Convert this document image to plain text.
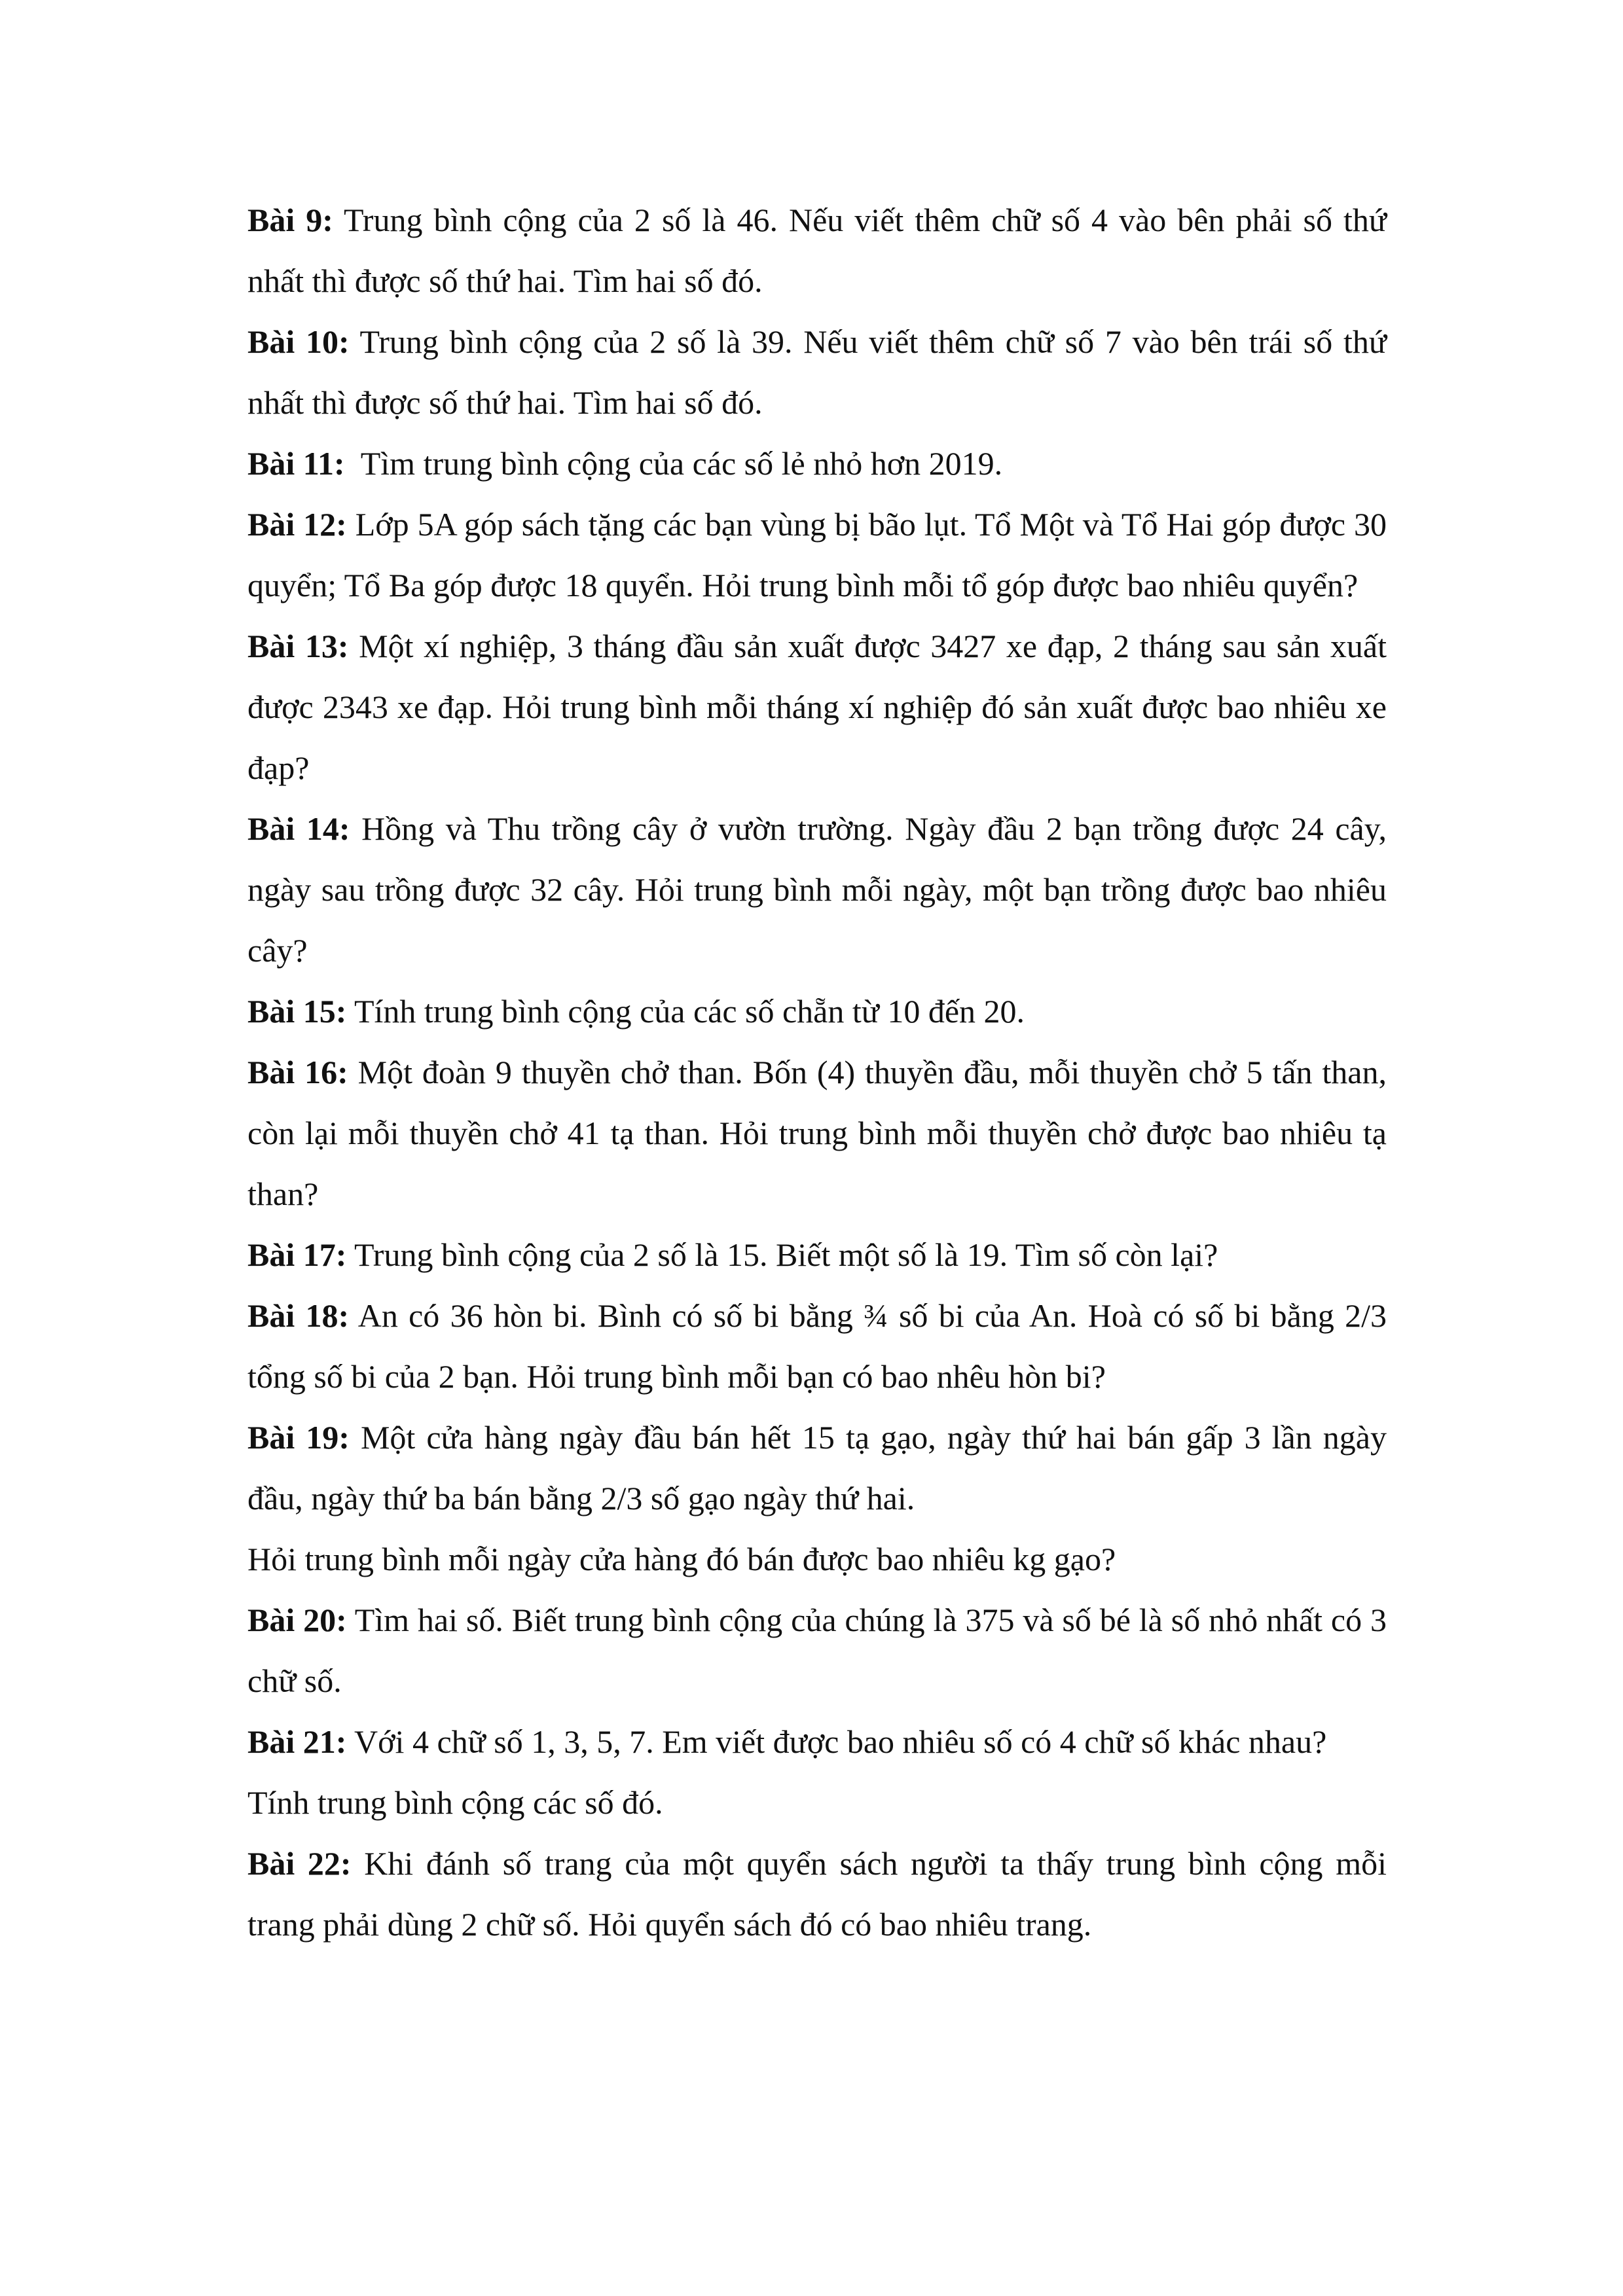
Bài 9: Trung bình cộng của 2 số là 46. Nếu viết thêm chữ số 4 vào bên phải số thứ nhất thì được số thứ hai. Tìm hai số đó.

Bài 10: Trung bình cộng của 2 số là 39. Nếu viết thêm chữ số 7 vào bên trái số thứ nhất thì được số thứ hai. Tìm hai số đó.

Bài 11:  Tìm trung bình cộng của các số lẻ nhỏ hơn 2019.

Bài 12: Lớp 5A góp sách tặng các bạn vùng bị bão lụt. Tổ Một và Tổ Hai góp được 30 quyển; Tổ Ba góp được 18 quyển. Hỏi trung bình mỗi tổ góp được bao nhiêu quyển?

Bài 13: Một xí nghiệp, 3 tháng đầu sản xuất được 3427 xe đạp, 2 tháng sau sản xuất được 2343 xe đạp. Hỏi trung bình mỗi tháng xí nghiệp đó sản xuất được bao nhiêu xe đạp?

Bài 14: Hồng và Thu trồng cây ở vườn trường. Ngày đầu 2 bạn trồng được 24 cây, ngày sau trồng được 32 cây. Hỏi trung bình mỗi ngày, một bạn trồng được bao nhiêu cây?

Bài 15: Tính trung bình cộng của các số chẵn từ 10 đến 20.

Bài 16: Một đoàn 9 thuyền chở than. Bốn (4) thuyền đầu, mỗi thuyền chở 5 tấn than, còn lại mỗi thuyền chở 41 tạ than. Hỏi trung bình mỗi thuyền chở được bao nhiêu tạ than?

Bài 17: Trung bình cộng của 2 số là 15. Biết một số là 19. Tìm số còn lại?

Bài 18: An có 36 hòn bi. Bình có số bi bằng ¾ số bi của An. Hoà có số bi bằng 2/3 tổng số bi của 2 bạn. Hỏi trung bình mỗi bạn có bao nhêu hòn bi?

Bài 19: Một cửa hàng ngày đầu bán hết 15 tạ gạo, ngày thứ hai bán gấp 3 lần ngày đầu, ngày thứ ba bán bằng 2/3 số gạo ngày thứ hai.

Hỏi trung bình mỗi ngày cửa hàng đó bán được bao nhiêu kg gạo?

Bài 20: Tìm hai số. Biết trung bình cộng của chúng là 375 và số bé là số nhỏ nhất có 3 chữ số.

Bài 21: Với 4 chữ số 1, 3, 5, 7. Em viết được bao nhiêu số có 4 chữ số khác nhau?

Tính trung bình cộng các số đó.

Bài 22: Khi đánh số trang của một quyển sách người ta thấy trung bình cộng mỗi trang phải dùng 2 chữ số. Hỏi quyển sách đó có bao nhiêu trang.
